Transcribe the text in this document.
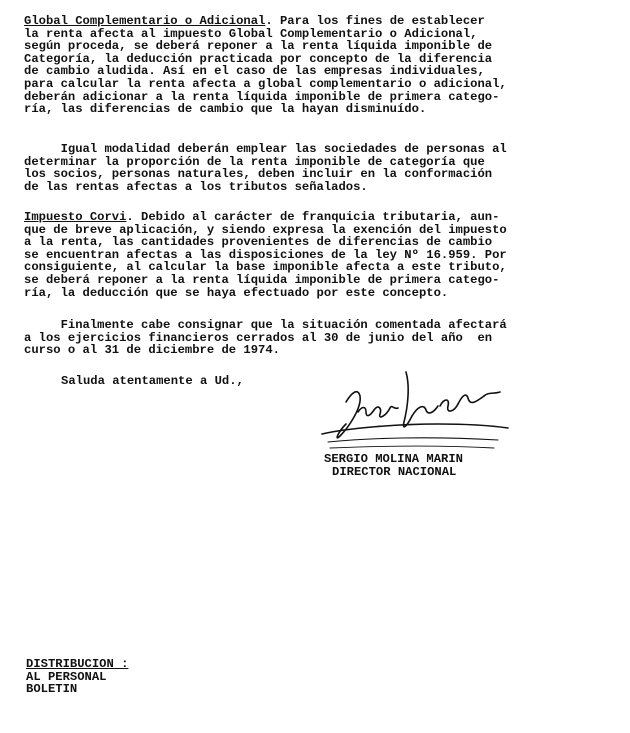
Global Complementario o Adicional. Para los fines de establecer
la renta afecta al impuesto Global Complementario o Adicional,
según proceda, se deberá reponer a la renta líquida imponible de
Categoría, la deducción practicada por concepto de la diferencia
de cambio aludida. Así en el caso de las empresas individuales,
para calcular la renta afecta a global complementario o adicional,
deberán adicionar a la renta líquida imponible de primera catego-
ría, las diferencias de cambio que la hayan disminuído.
Igual modalidad deberán emplear las sociedades de personas al
determinar la proporción de la renta imponible de categoría que
los socios, personas naturales, deben incluir en la conformación
de las rentas afectas a los tributos señalados.
Impuesto Corvi. Debido al carácter de franquicia tributaria, aun-
que de breve aplicación, y siendo expresa la exención del impuesto
a la renta, las cantidades provenientes de diferencias de cambio
se encuentran afectas a las disposiciones de la ley Nº 16.959. Por
consiguiente, al calcular la base imponible afecta a este tributo,
se deberá reponer a la renta líquida imponible de primera catego-
ría, la deducción que se haya efectuado por este concepto.
Finalmente cabe consignar que la situación comentada afectará
a los ejercicios financieros cerrados al 30 de junio del año  en
curso o al 31 de diciembre de 1974.
Saluda atentamente a Ud.,
SERGIO MOLINA MARIN
DIRECTOR NACIONAL
DISTRIBUCION :
AL PERSONAL
BOLETIN
